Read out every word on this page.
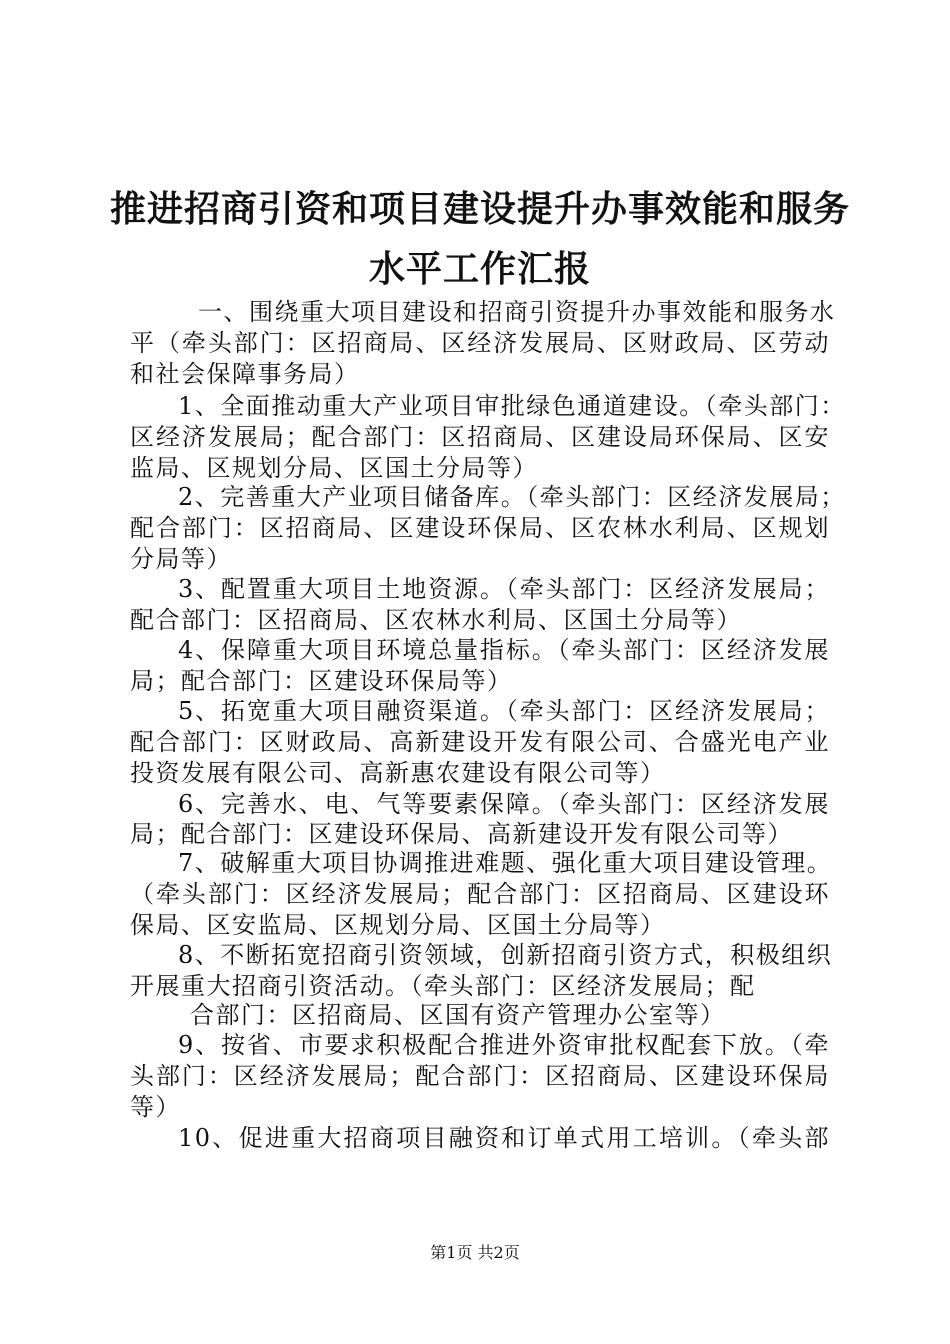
推进招商引资和项目建设提升办事效能和服务
水平工作汇报
一、围绕重大项目建设和招商引资提升办事效能和服务水
平（牵头部门：区招商局、区经济发展局、区财政局、区劳动
和社会保障事务局）
1、全面推动重大产业项目审批绿色通道建设。（牵头部门：
区经济发展局；配合部门：区招商局、区建设局环保局、区安
监局、区规划分局、区国土分局等）
2、完善重大产业项目储备库。（牵头部门：区经济发展局；
配合部门：区招商局、区建设环保局、区农林水利局、区规划
分局等）
3、配置重大项目土地资源。（牵头部门：区经济发展局；
配合部门：区招商局、区农林水利局、区国土分局等）
4、保障重大项目环境总量指标。（牵头部门：区经济发展
局；配合部门：区建设环保局等）
5、拓宽重大项目融资渠道。（牵头部门：区经济发展局；
配合部门：区财政局、高新建设开发有限公司、合盛光电产业
投资发展有限公司、高新惠农建设有限公司等）
6、完善水、电、气等要素保障。（牵头部门：区经济发展
局；配合部门：区建设环保局、高新建设开发有限公司等）
7、破解重大项目协调推进难题、强化重大项目建设管理。
（牵头部门：区经济发展局；配合部门：区招商局、区建设环
保局、区安监局、区规划分局、区国土分局等）
8、不断拓宽招商引资领域，创新招商引资方式，积极组织
开展重大招商引资活动。（牵头部门：区经济发展局；配
合部门：区招商局、区国有资产管理办公室等）
9、按省、市要求积极配合推进外资审批权配套下放。（牵
头部门：区经济发展局；配合部门：区招商局、区建设环保局
等）
10、促进重大招商项目融资和订单式用工培训。（牵头部
第1页 共2页
